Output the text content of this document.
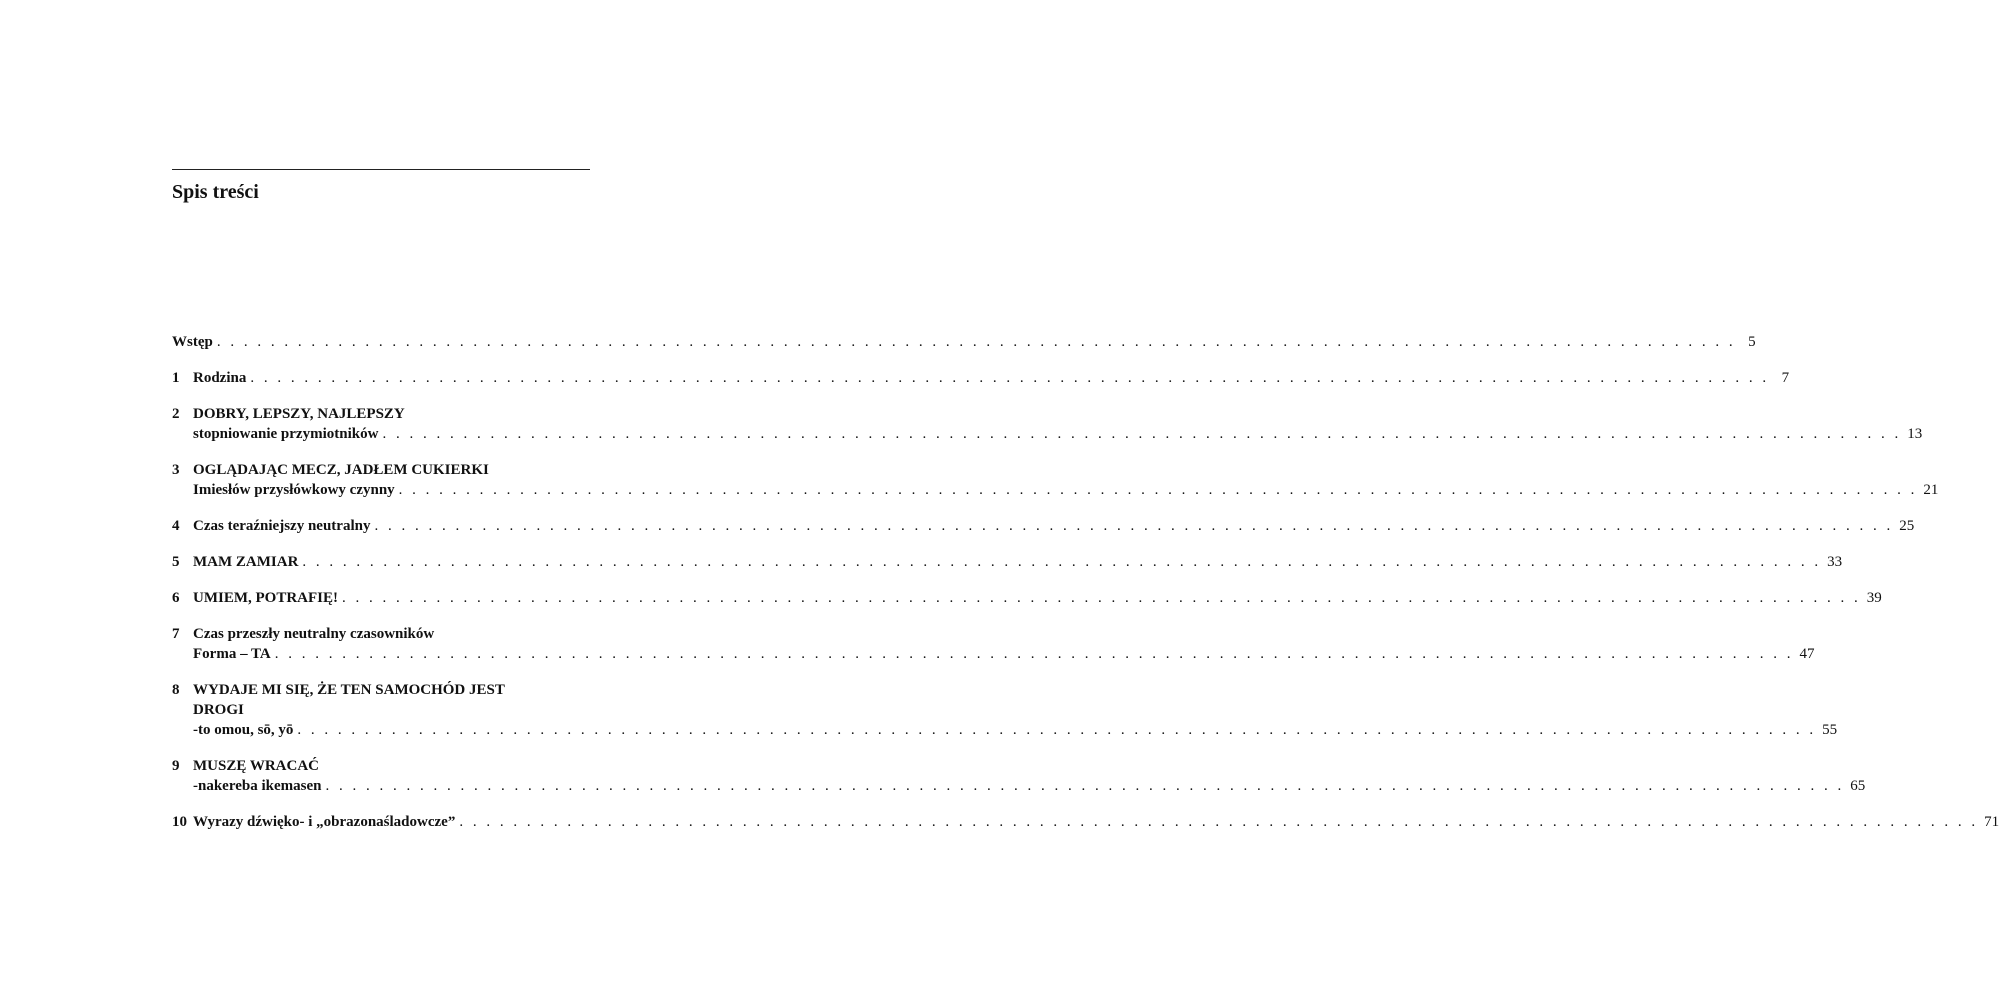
Spis treści
Wstęp . . .	5
1 Rodzina . . .	7
2 DOBRY, LEPSZY, NAJLEPSZY
stopniowanie przymiotników . . .	13
3 OGLĄDAJĄC MECZ, JADŁEM CUKIERKI
Imiesłów przysłówkowy czynny . . .	21
4 Czas teraźniejszy neutralny . . .	25
5 MAM ZAMIAR . . .	33
6 UMIEM, POTRAFIĘ! . . .	39
7 Czas przeszły neutralny czasowników
Forma – TA . . .	47
8 WYDAJE MI SIĘ, ŻE TEN SAMOCHÓD JEST DROGI
-to omou, sō, yō . . .	55
9 MUSZĘ WRACAĆ
-nakereba ikemasen . . .	65
10 Wyrazy dźwięko- i „obrazonaśladowcze” . . .	71
